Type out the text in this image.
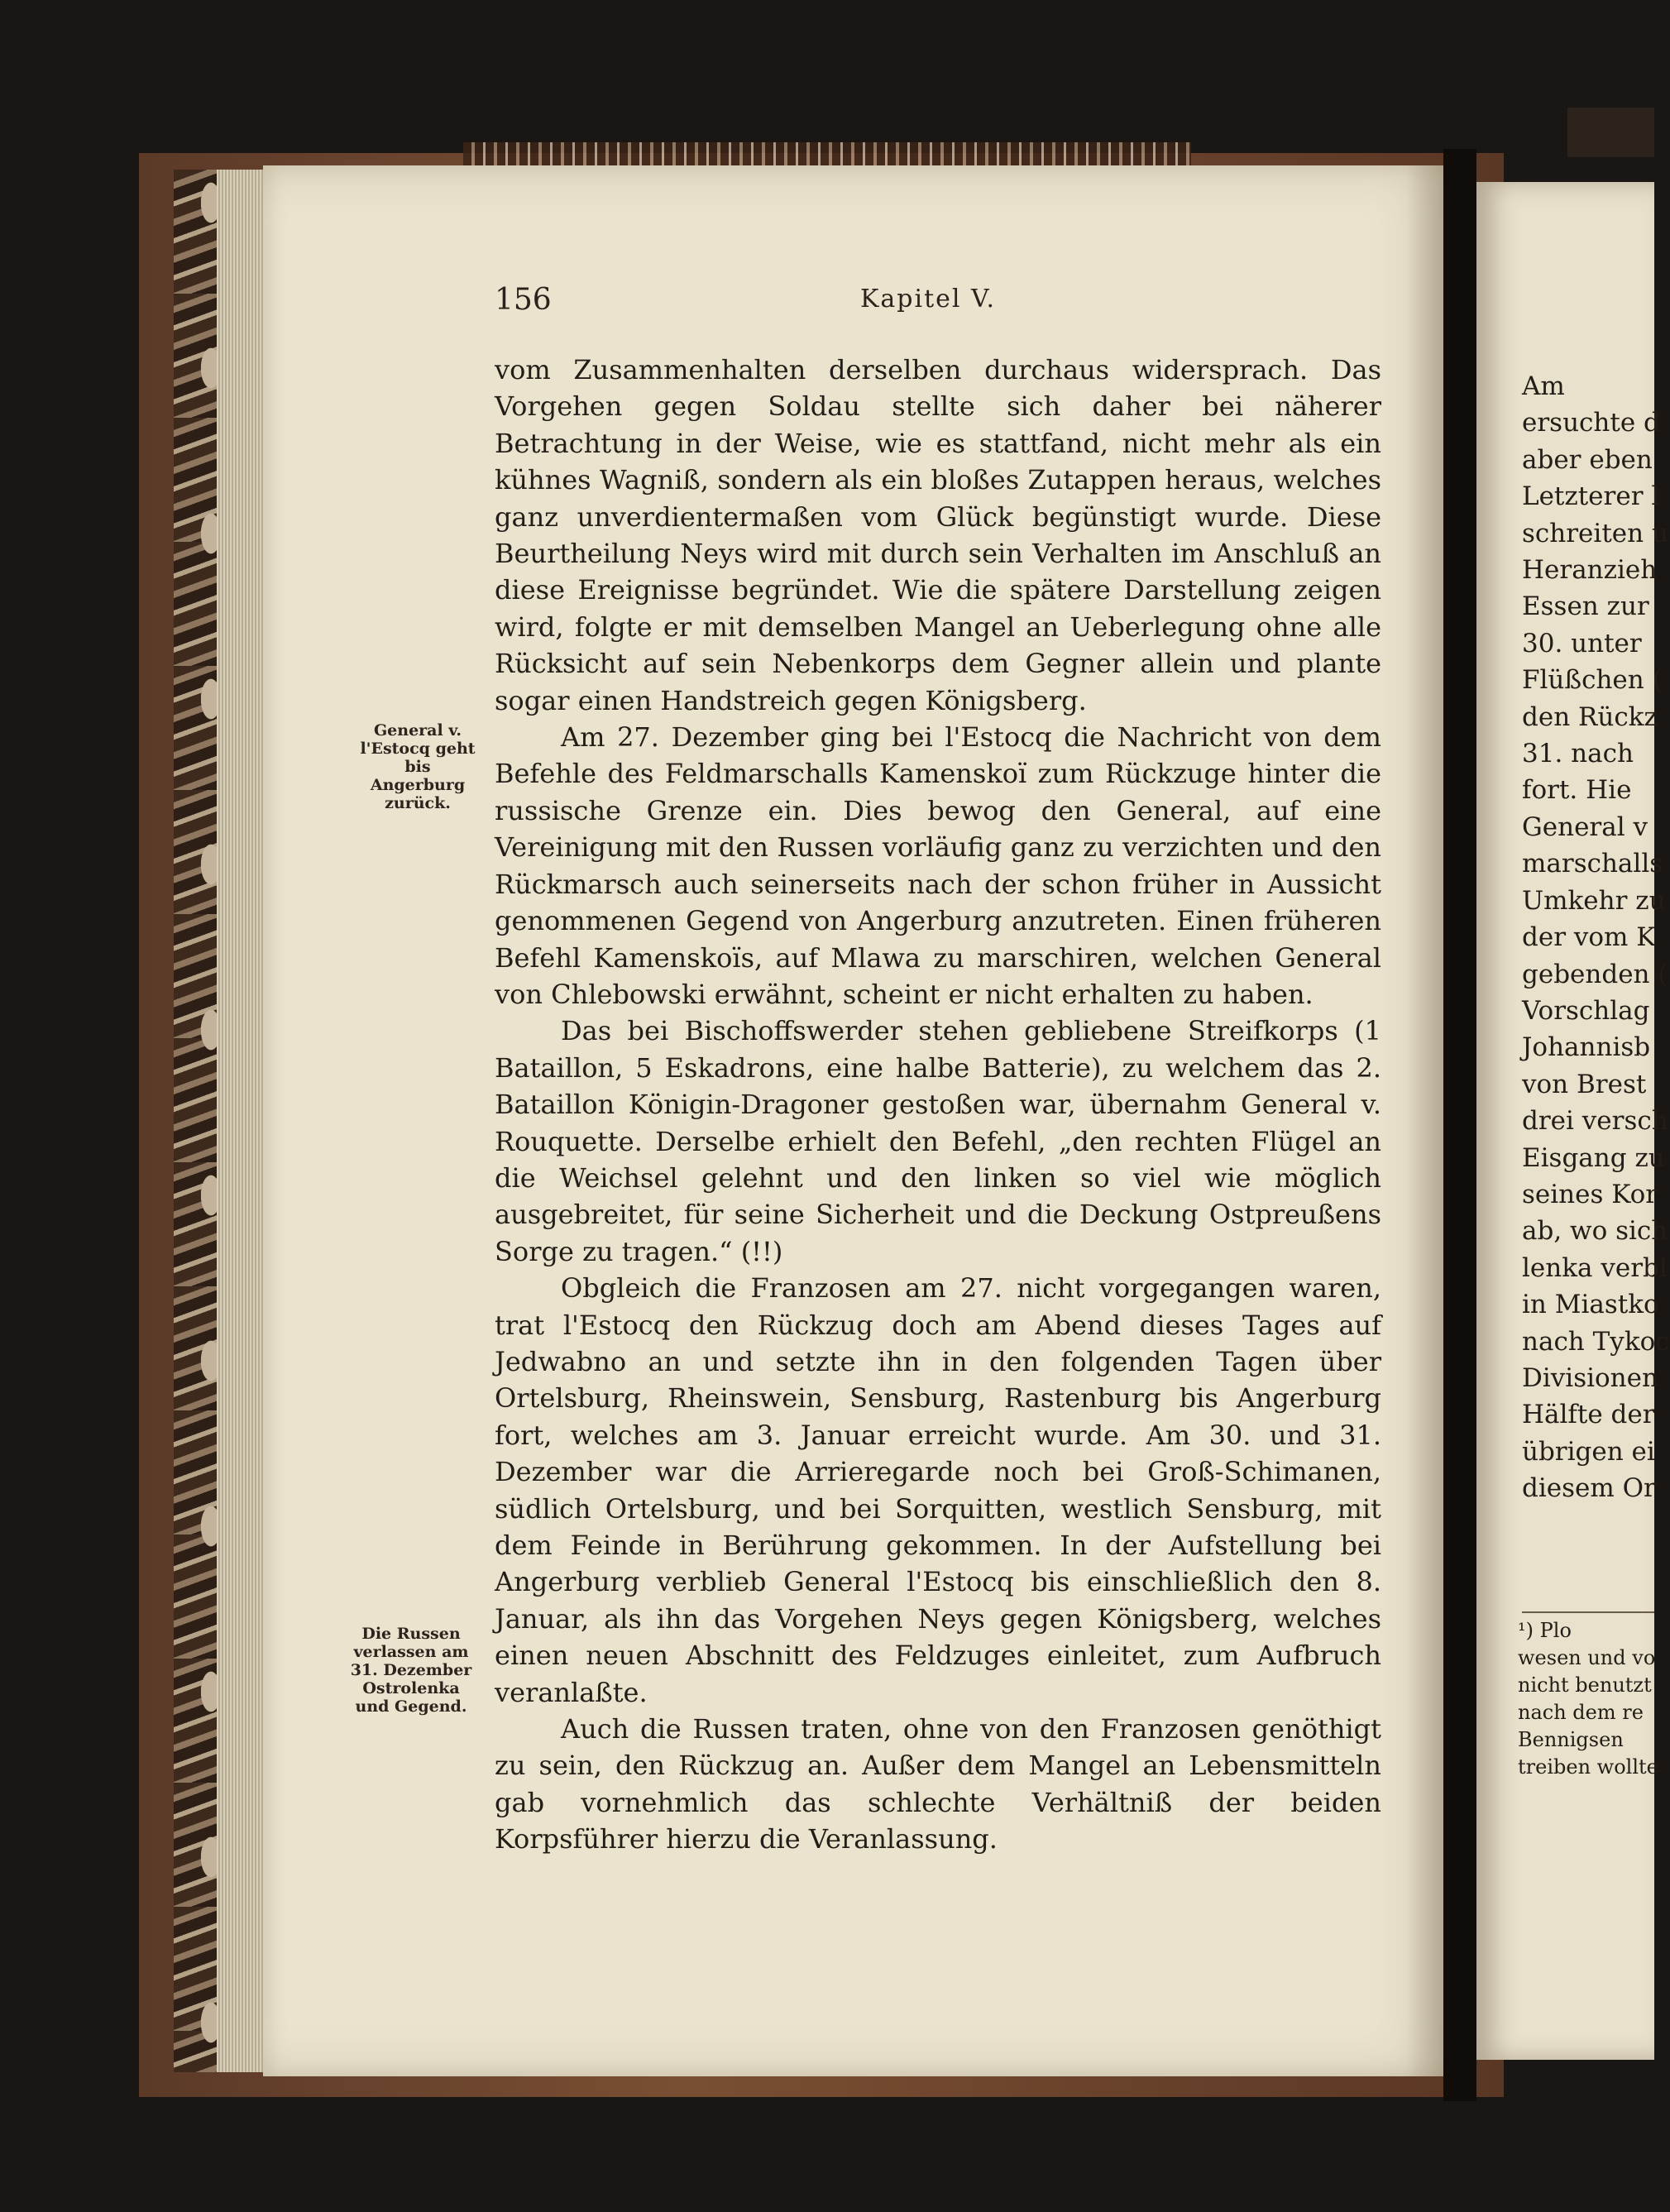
156	Kapitel V.
General v. l'Estocq geht bis Angerburg zurück.
Die Russen verlassen am 31. Dezember Ostrolenka und Gegend.

vom Zusammenhalten derselben durchaus widersprach. Das Vorgehen gegen Soldau stellte sich daher bei näherer Betrachtung in der Weise, wie es stattfand, nicht mehr als ein kühnes Wagniß, sondern als ein bloßes Zutappen heraus, welches ganz unverdientermaßen vom Glück begünstigt wurde. Diese Beurtheilung Neys wird mit durch sein Verhalten im Anschluß an diese Ereignisse begründet. Wie die spätere Darstellung zeigen wird, folgte er mit demselben Mangel an Ueberlegung ohne alle Rücksicht auf sein Nebenkorps dem Gegner allein und plante sogar einen Handstreich gegen Königsberg.

Am 27. Dezember ging bei l'Estocq die Nachricht von dem Befehle des Feldmarschalls Kamenskoï zum Rückzuge hinter die russische Grenze ein. Dies bewog den General, auf eine Vereinigung mit den Russen vorläufig ganz zu verzichten und den Rückmarsch auch seinerseits nach der schon früher in Aussicht genommenen Gegend von Angerburg anzutreten. Einen früheren Befehl Kamenskoïs, auf Mlawa zu marschiren, welchen General von Chlebowski erwähnt, scheint er nicht erhalten zu haben.

Das bei Bischoffswerder stehen gebliebene Streifkorps (1 Bataillon, 5 Eskadrons, eine halbe Batterie), zu welchem das 2. Bataillon Königin-Dragoner gestoßen war, übernahm General v. Rouquette. Derselbe erhielt den Befehl, „den rechten Flügel an die Weichsel gelehnt und den linken so viel wie möglich ausgebreitet, für seine Sicherheit und die Deckung Ostpreußens Sorge zu tragen.“ (!!)

Obgleich die Franzosen am 27. nicht vorgegangen waren, trat l'Estocq den Rückzug doch am Abend dieses Tages auf Jedwabno an und setzte ihn in den folgenden Tagen über Ortelsburg, Rheinswein, Sensburg, Rastenburg bis Angerburg fort, welches am 3. Januar erreicht wurde. Am 30. und 31. Dezember war die Arrieregarde noch bei Groß-Schimanen, südlich Ortelsburg, und bei Sorquitten, westlich Sensburg, mit dem Feinde in Berührung gekommen. In der Aufstellung bei Angerburg verblieb General l'Estocq bis einschließlich den 8. Januar, als ihn das Vorgehen Neys gegen Königsberg, welches einen neuen Abschnitt des Feldzuges einleitet, zum Aufbruch veranlaßte.

Auch die Russen traten, ohne von den Franzosen genöthigt zu sein, den Rückzug an. Außer dem Mangel an Lebensmitteln gab vornehmlich das schlechte Verhältniß der beiden Korpsführer hierzu die Veranlassung.

Am
ersuchte d
aber eben
Letzterer l
schreiten u
Heranzieh
Essen zur
30. unter
Flüßchen (
den Rückz
31. nach
fort. Hie
General v
marschalls
Umkehr zu
der vom K
gebenden (
Vorschlag
Johannisb
von Brest
drei versch
Eisgang zu
seines Kor
ab, wo sich
lenka verbl
in Miastko
nach Tykoc
Divisionen
Hälfte der
übrigen ei
diesem Or
¹) Plo
wesen und vo
nicht benutzt
nach dem re
Bennigsen
treiben wollte
